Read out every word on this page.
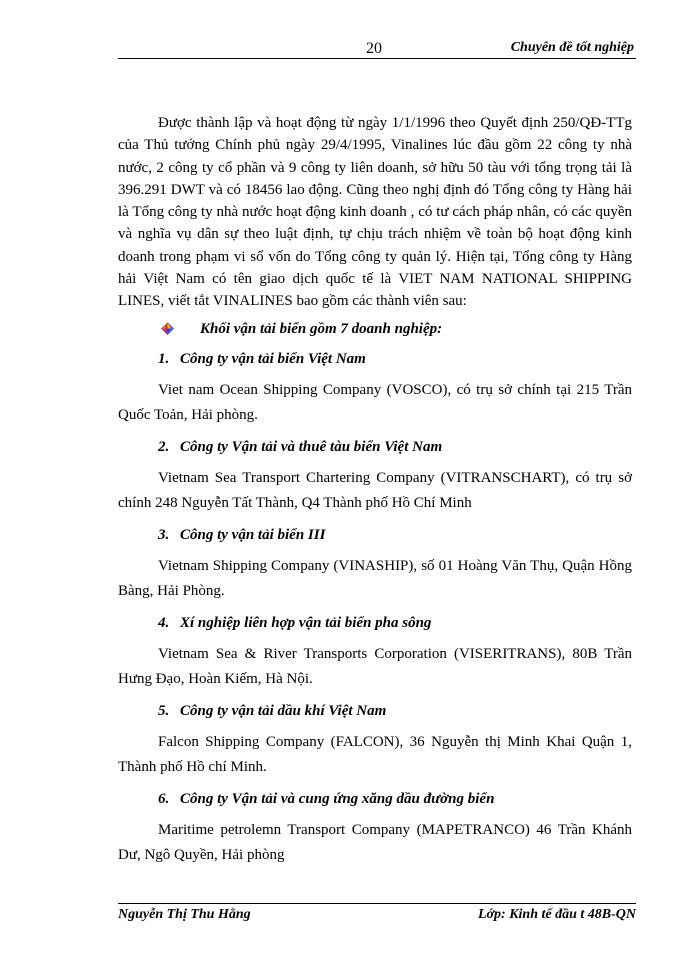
20	Chuyên đề tốt nghiệp

Được thành lập và hoạt động từ ngày 1/1/1996 theo Quyết định 250/QĐ-TTg của Thủ tướng Chính phủ ngày 29/4/1995, Vinalines lúc đầu gồm 22 công ty nhà nước, 2 công ty cổ phần và 9 công ty liên doanh, sở hữu 50 tàu với tổng trọng tải là 396.291 DWT và có 18456 lao động. Cũng theo nghị định đó Tổng công ty Hàng hải là Tổng công ty nhà nước hoạt động kinh doanh , có tư cách pháp nhân, có các quyền và nghĩa vụ dân sự theo luật định, tự chịu trách nhiệm về toàn bộ hoạt động kinh doanh trong phạm vi số vốn do Tổng công ty quản lý. Hiện tại, Tổng công ty Hàng hải Việt Nam có tên giao dịch quốc tế là VIET NAM NATIONAL SHIPPING LINES, viết tắt VINALINES bao gồm các thành viên sau:

Khối vận tải biển gồm 7 doanh nghiệp:
1. Công ty vận tải biển Việt Nam

Viet nam Ocean Shipping Company (VOSCO), có trụ sở chính tại 215 Trần Quốc Toản, Hải phòng.

2. Công ty Vận tải và thuê tàu biển Việt Nam

Vietnam Sea Transport Chartering Company (VITRANSCHART), có trụ sở chính 248 Nguyễn Tất Thành, Q4 Thành phố Hồ Chí Minh

3. Công ty vận tải biển III

Vietnam Shipping Company (VINASHIP), số 01 Hoàng Văn Thụ, Quận Hồng Bàng, Hải Phòng.

4. Xí nghiệp liên hợp vận tải biển pha sông

Vietnam Sea & River Transports Corporation (VISERITRANS), 80B Trần Hưng Đạo, Hoàn Kiếm, Hà Nội.

5. Công ty vận tải dầu khí Việt Nam

Falcon Shipping Company (FALCON), 36 Nguyễn thị Minh Khai Quận 1, Thành phố Hồ chí Minh.

6. Công ty Vận tải và cung ứng xăng dầu đường biển

Maritime petrolemn Transport Company (MAPETRANCO) 46 Trần Khánh Dư, Ngô Quyền, Hải phòng

Nguyễn Thị Thu Hằng	Lớp: Kinh tế đầu t 48B-QN
